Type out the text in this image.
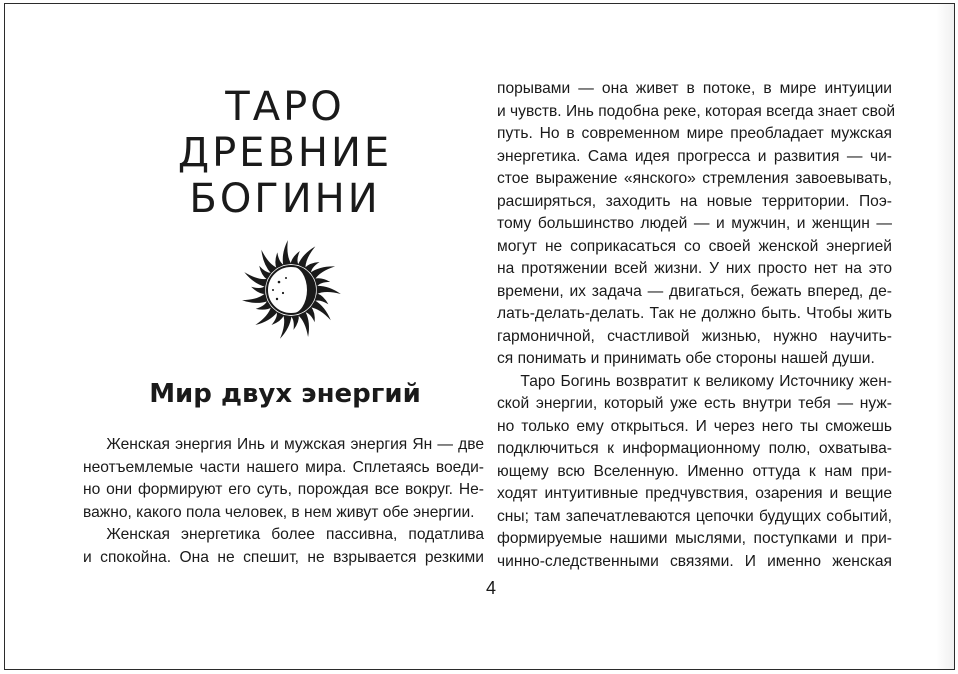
ТАРО
ДРЕВНИЕ
БОГИНИ
Мир двух энергий
  Женская энергия Инь и мужская энергия Ян — две
неотъемлемые части нашего мира. Сплетаясь воеди-
но они формируют его суть, порождая все вокруг. Не-
важно, какого пола человек, в нем живут обе энергии.
  Женская энергетика более пассивна, податлива
и спокойна. Она не спешит, не взрывается резкими
порывами — она живет в потоке, в мире интуиции
и чувств. Инь подобна реке, которая всегда знает свой
путь. Но в современном мире преобладает мужская
энергетика. Сама идея прогресса и развития — чи-
стое выражение «янского» стремления завоевывать,
расширяться, заходить на новые территории. Поэ-
тому большинство людей — и мужчин, и женщин —
могут не соприкасаться со своей женской энергией
на протяжении всей жизни. У них просто нет на это
времени, их задача — двигаться, бежать вперед, де-
лать-делать-делать. Так не должно быть. Чтобы жить
гармоничной, счастливой жизнью, нужно научить-
ся понимать и принимать обе стороны нашей души.
  Таро Богинь возвратит к великому Источнику жен-
ской энергии, который уже есть внутри тебя — нуж-
но только ему открыться. И через него ты сможешь
подключиться к информационному полю, охватыва-
ющему всю Вселенную. Именно оттуда к нам при-
ходят интуитивные предчувствия, озарения и вещие
сны; там запечатлеваются цепочки будущих событий,
формируемые нашими мыслями, поступками и при-
чинно-следственными связями. И именно женская
4
